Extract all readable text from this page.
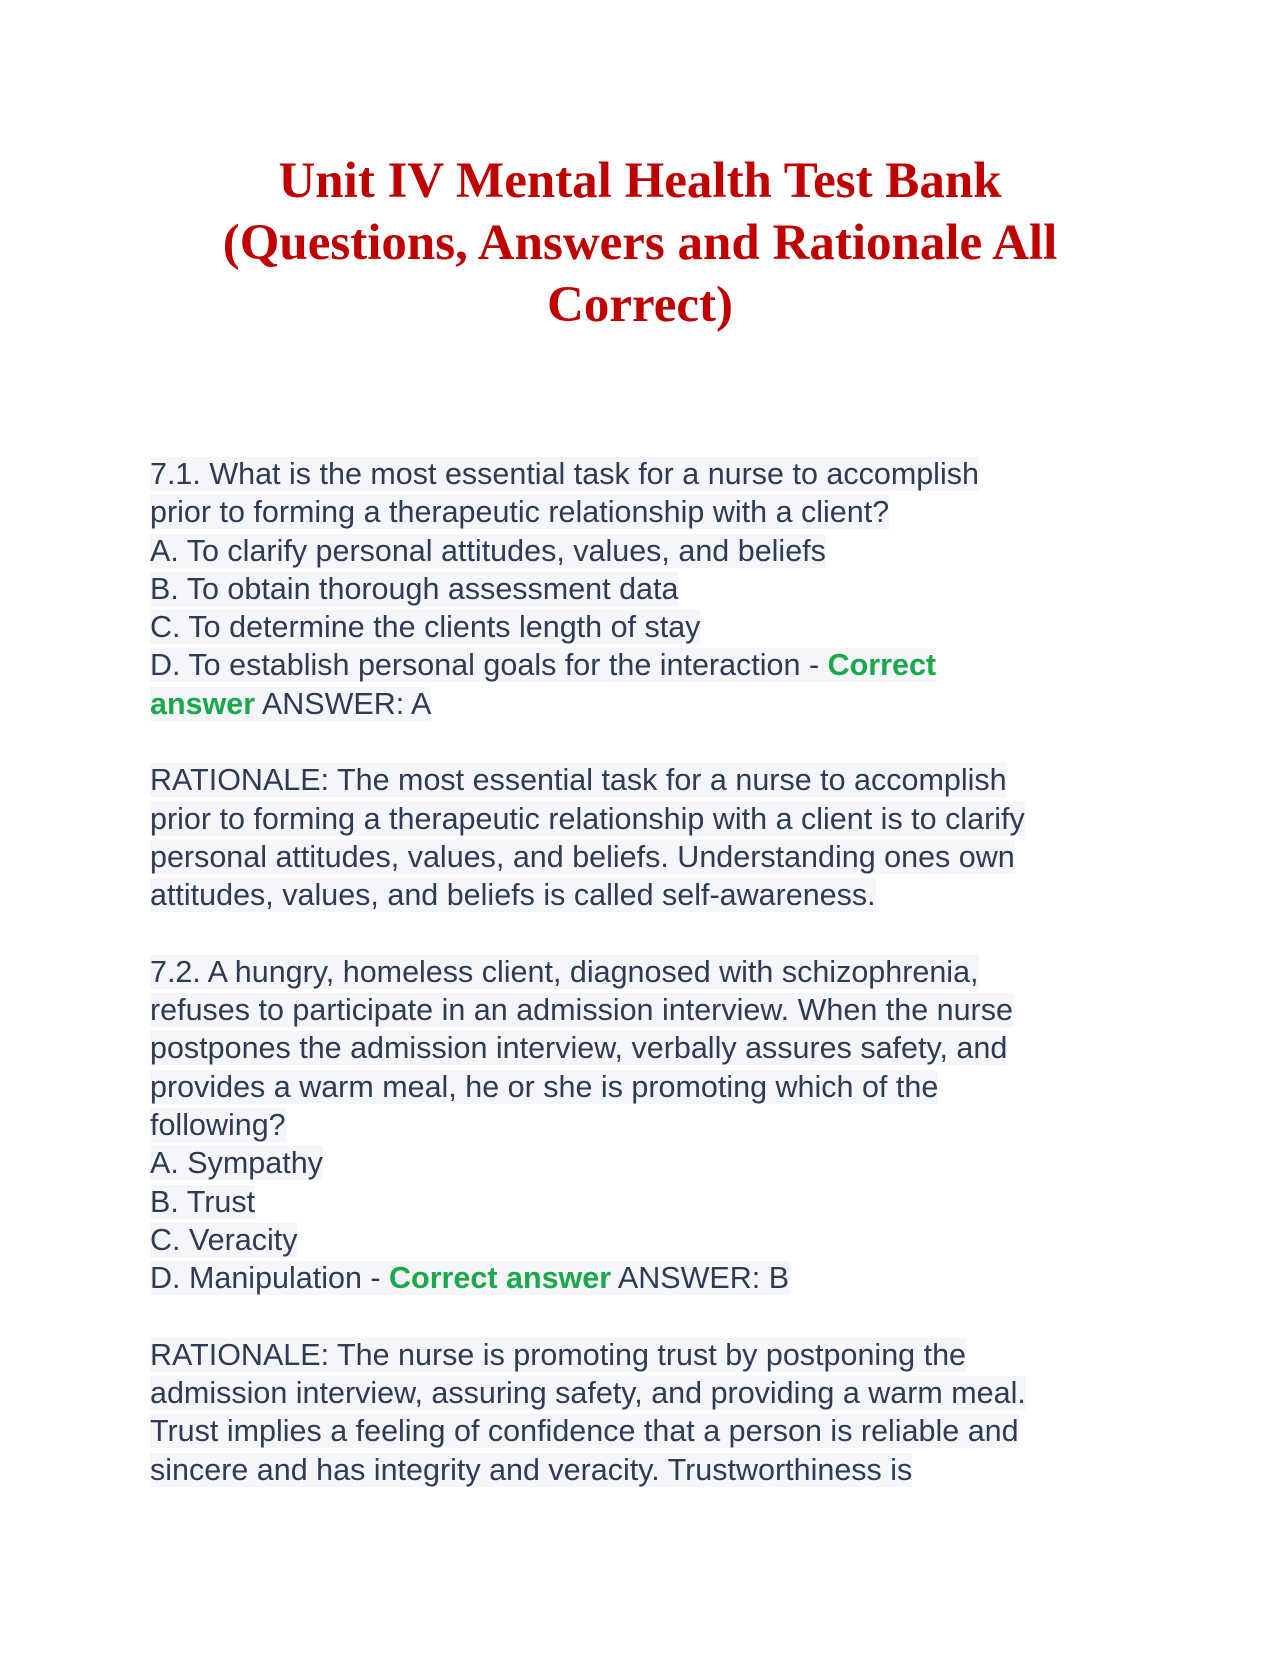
Unit IV Mental Health Test Bank
(Questions, Answers and Rationale All
Correct)
7.1. What is the most essential task for a nurse to accomplish
prior to forming a therapeutic relationship with a client?
A. To clarify personal attitudes, values, and beliefs
B. To obtain thorough assessment data
C. To determine the clients length of stay
D. To establish personal goals for the interaction - Correct
answer ANSWER: A
RATIONALE: The most essential task for a nurse to accomplish
prior to forming a therapeutic relationship with a client is to clarify
personal attitudes, values, and beliefs. Understanding ones own
attitudes, values, and beliefs is called self-awareness.
7.2. A hungry, homeless client, diagnosed with schizophrenia,
refuses to participate in an admission interview. When the nurse
postpones the admission interview, verbally assures safety, and
provides a warm meal, he or she is promoting which of the
following?
A. Sympathy
B. Trust
C. Veracity
D. Manipulation - Correct answer ANSWER: B
RATIONALE: The nurse is promoting trust by postponing the
admission interview, assuring safety, and providing a warm meal.
Trust implies a feeling of confidence that a person is reliable and
sincere and has integrity and veracity. Trustworthiness is
